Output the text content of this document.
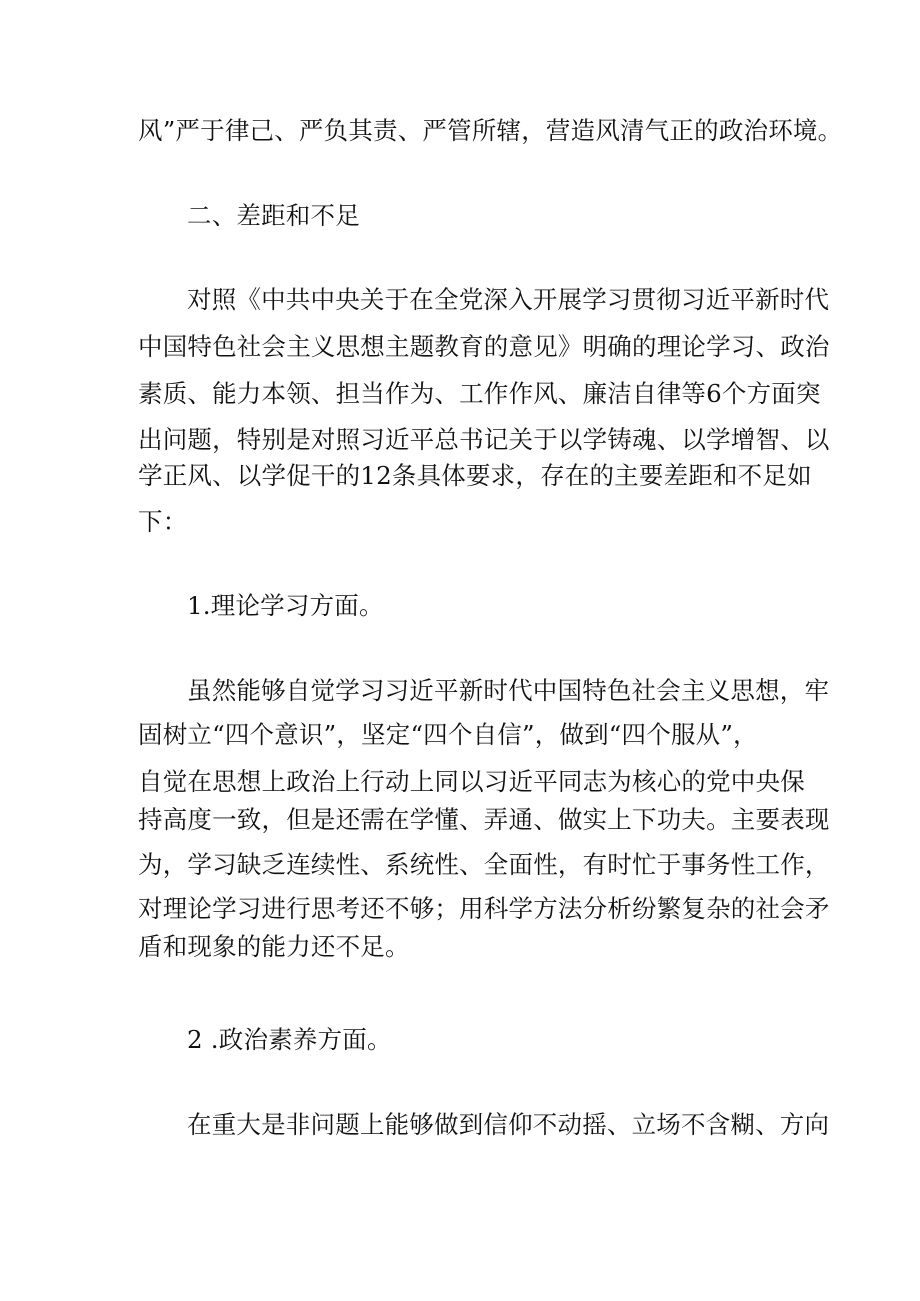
风”严于律己、严负其责、严管所辖，营造风清气正的政治环境。
二、差距和不足
对照《中共中央关于在全党深入开展学习贯彻习近平新时代
中国特色社会主义思想主题教育的意见》明确的理论学习、政治
素质、能力本领、担当作为、工作作风、廉洁自律等6个方面突
出问题，特别是对照习近平总书记关于以学铸魂、以学增智、以
学正风、以学促干的12条具体要求，存在的主要差距和不足如
下：
1.理论学习方面。
虽然能够自觉学习习近平新时代中国特色社会主义思想，牢
固树立“四个意识”，坚定“四个自信”，做到“四个服从”，
自觉在思想上政治上行动上同以习近平同志为核心的党中央保
持高度一致，但是还需在学懂、弄通、做实上下功夫。主要表现
为，学习缺乏连续性、系统性、全面性，有时忙于事务性工作，
对理论学习进行思考还不够；用科学方法分析纷繁复杂的社会矛
盾和现象的能力还不足。
2 .政治素养方面。
在重大是非问题上能够做到信仰不动摇、立场不含糊、方向
